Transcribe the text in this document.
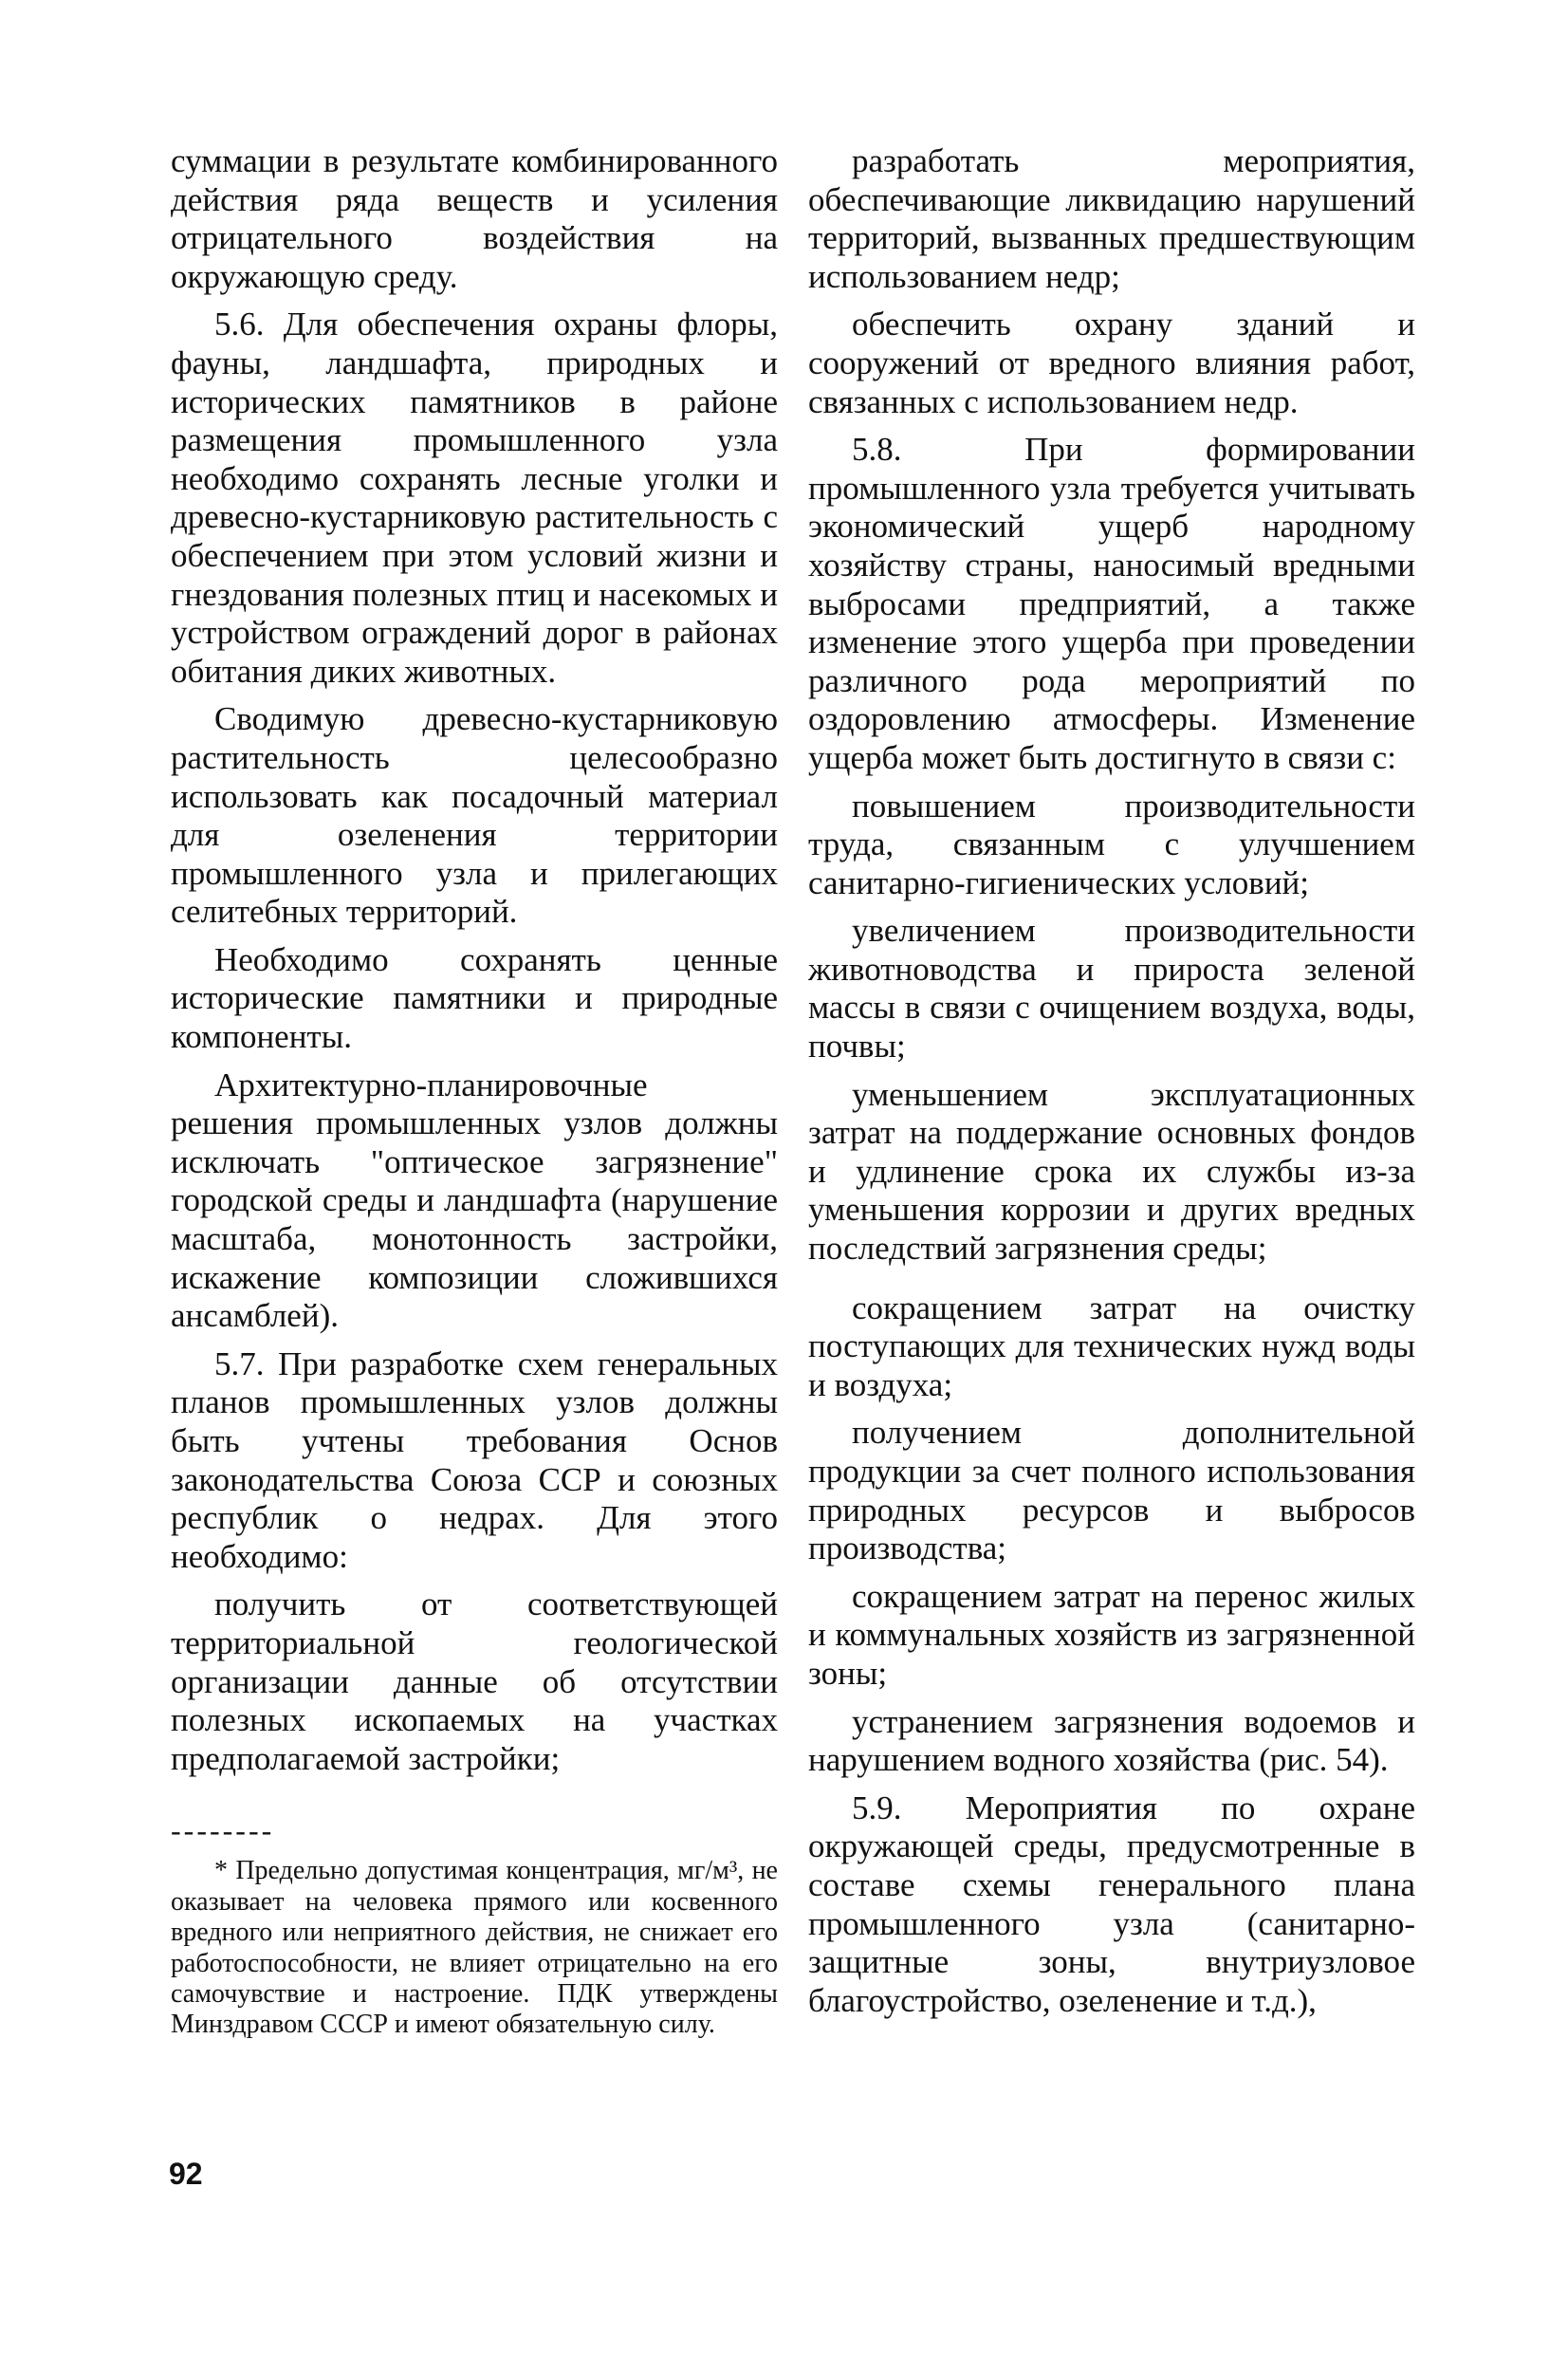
суммации в результате комбинированного действия ряда веществ и усиления отрицательного воздействия на окружающую среду.

5.6. Для обеспечения охраны флоры, фауны, ландшафта, природных и исторических памятников в районе размещения промышленного узла необходимо сохранять лесные уголки и древесно-кустарниковую растительность с обеспечением при этом условий жизни и гнездования полезных птиц и насекомых и устройством ограждений дорог в районах обитания диких животных.

Сводимую древесно-кустарниковую растительность целесообразно использовать как посадочный материал для озеленения территории промышленного узла и прилегающих селитебных территорий.

Необходимо сохранять ценные исторические памятники и природные компоненты.

Архитектурно-планировочные решения промышленных узлов должны исключать "оптическое загрязнение" городской среды и ландшафта (нарушение масштаба, монотонность застройки, искажение композиции сложившихся ансамблей).

5.7. При разработке схем генеральных планов промышленных узлов должны быть учтены требования Основ законодательства Союза ССР и союзных республик о недрах. Для этого необходимо:

получить от соответствующей территориальной геологической организации данные об отсутствии полезных ископаемых на участках предполагаемой застройки;

--------

* Предельно допустимая концентрация, мг/м³, не оказывает на человека прямого или косвенного вредного или неприятного действия, не снижает его работоспособности, не влияет отрицательно на его самочувствие и настроение. ПДК утверждены Минздравом СССР и имеют обязательную силу.

разработать мероприятия, обеспечивающие ликвидацию нарушений территорий, вызванных предшествующим использованием недр;

обеспечить охрану зданий и сооружений от вредного влияния работ, связанных с использованием недр.

5.8. При формировании промышленного узла требуется учитывать экономический ущерб народному хозяйству страны, наносимый вредными выбросами предприятий, а также изменение этого ущерба при проведении различного рода мероприятий по оздоровлению атмосферы. Изменение ущерба может быть достигнуто в связи с:

повышением производительности труда, связанным с улучшением санитарно-гигиенических условий;

увеличением производительности животноводства и прироста зеленой массы в связи с очищением воздуха, воды, почвы;

уменьшением эксплуатационных затрат на поддержание основных фондов и удлинение срока их службы из-за уменьшения коррозии и других вредных последствий загрязнения среды;

сокращением затрат на очистку поступающих для технических нужд воды и воздуха;

получением дополнительной продукции за счет полного использования природных ресурсов и выбросов производства;

сокращением затрат на перенос жилых и коммунальных хозяйств из загрязненной зоны;

устранением загрязнения водоемов и нарушением водного хозяйства (рис. 54).

5.9. Мероприятия по охране окружающей среды, предусмотренные в составе схемы генерального плана промышленного узла (санитарно-защитные зоны, внутриузловое благоустройство, озеленение и т.д.),

92
